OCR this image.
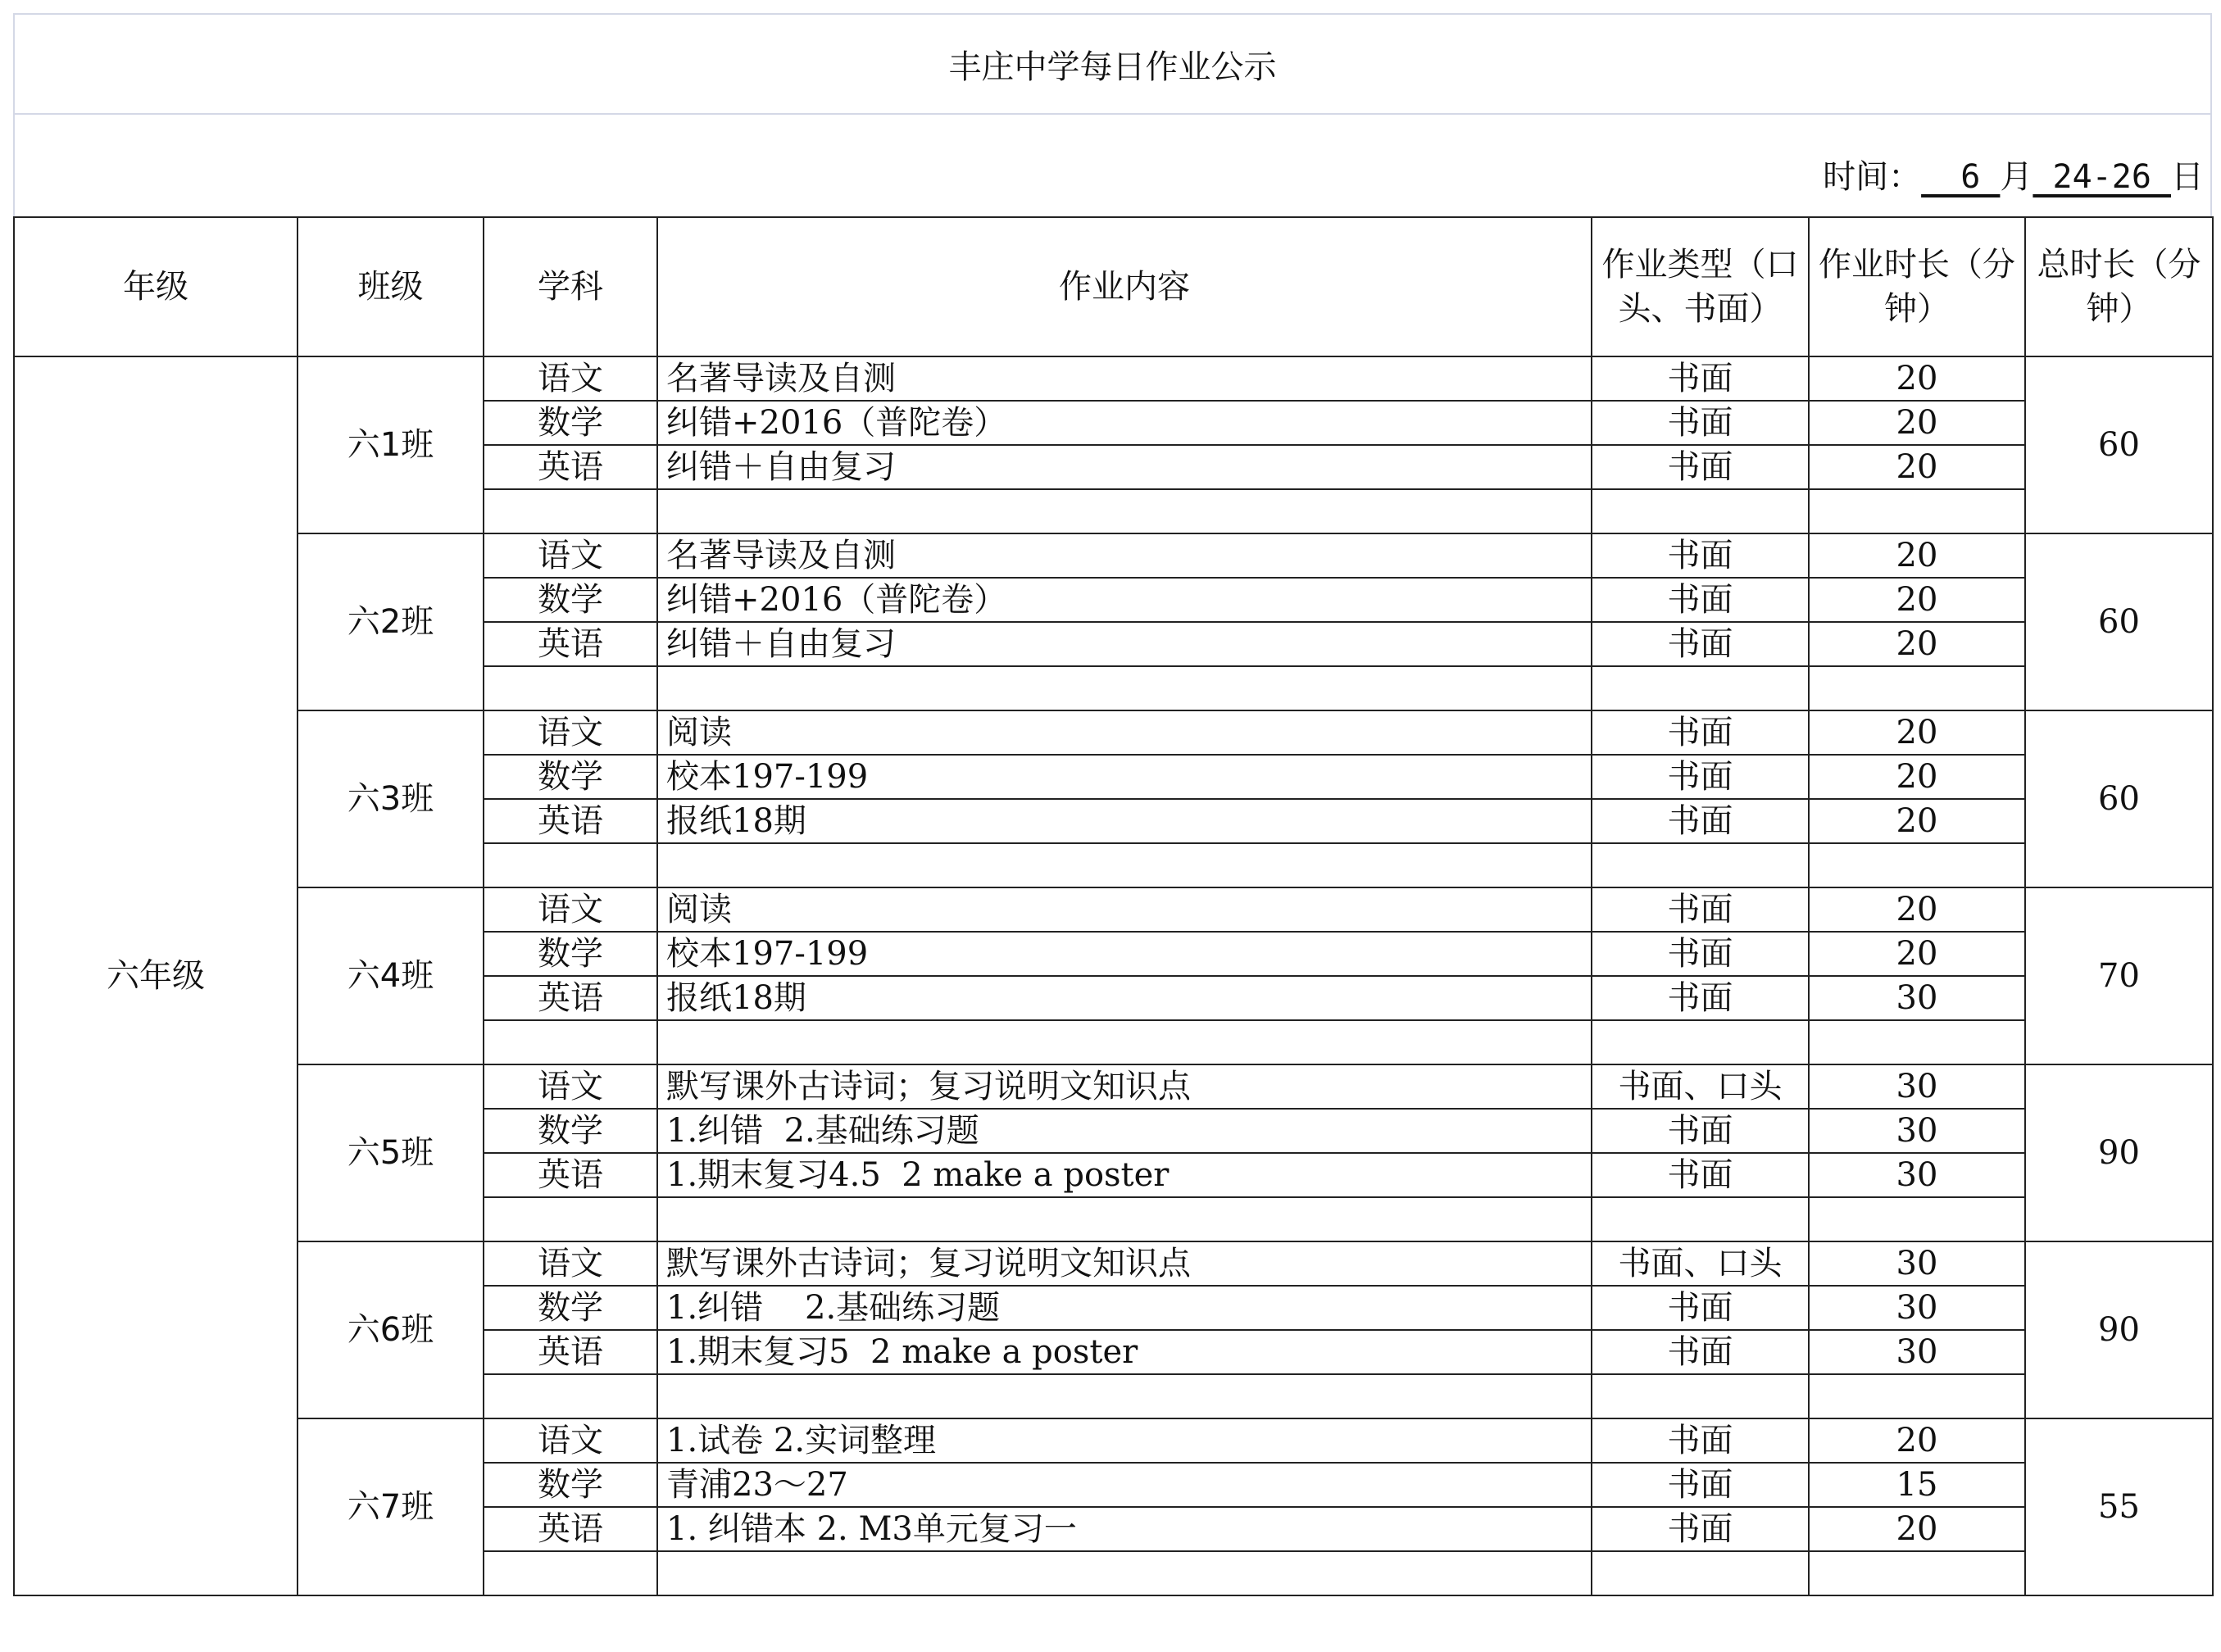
丰庄中学每日作业公示
时间： 6 月 24-26 日
年级	班级	学科	作业内容	作业类型（口头、书面）	作业时长（分钟）	总时长（分钟）
六年级	六1班	语文	名著导读及自测	书面	20	60
		数学	纠错+2016（普陀卷）	书面	20	
		英语	纠错＋自由复习	书面	20	

	六2班	语文	名著导读及自测	书面	20	60
		数学	纠错+2016（普陀卷）	书面	20	
		英语	纠错＋自由复习	书面	20	

	六3班	语文	阅读	书面	20	60
		数学	校本197-199	书面	20	
		英语	报纸18期	书面	20	

	六4班	语文	阅读	书面	20	70
		数学	校本197-199	书面	20	
		英语	报纸18期	书面	30	

	六5班	语文	默写课外古诗词；复习说明文知识点	书面、口头	30	90
		数学	1.纠错  2.基础练习题	书面	30	
		英语	1.期末复习4.5  2 make a poster	书面	30	

	六6班	语文	默写课外古诗词；复习说明文知识点	书面、口头	30	90
		数学	1.纠错    2.基础练习题	书面	30	
		英语	1.期末复习5  2 make a poster	书面	30	

	六7班	语文	1.试卷 2.实词整理	书面	20	55
		数学	青浦23～27	书面	15	
		英语	1. 纠错本 2. M3单元复习一	书面	20	
